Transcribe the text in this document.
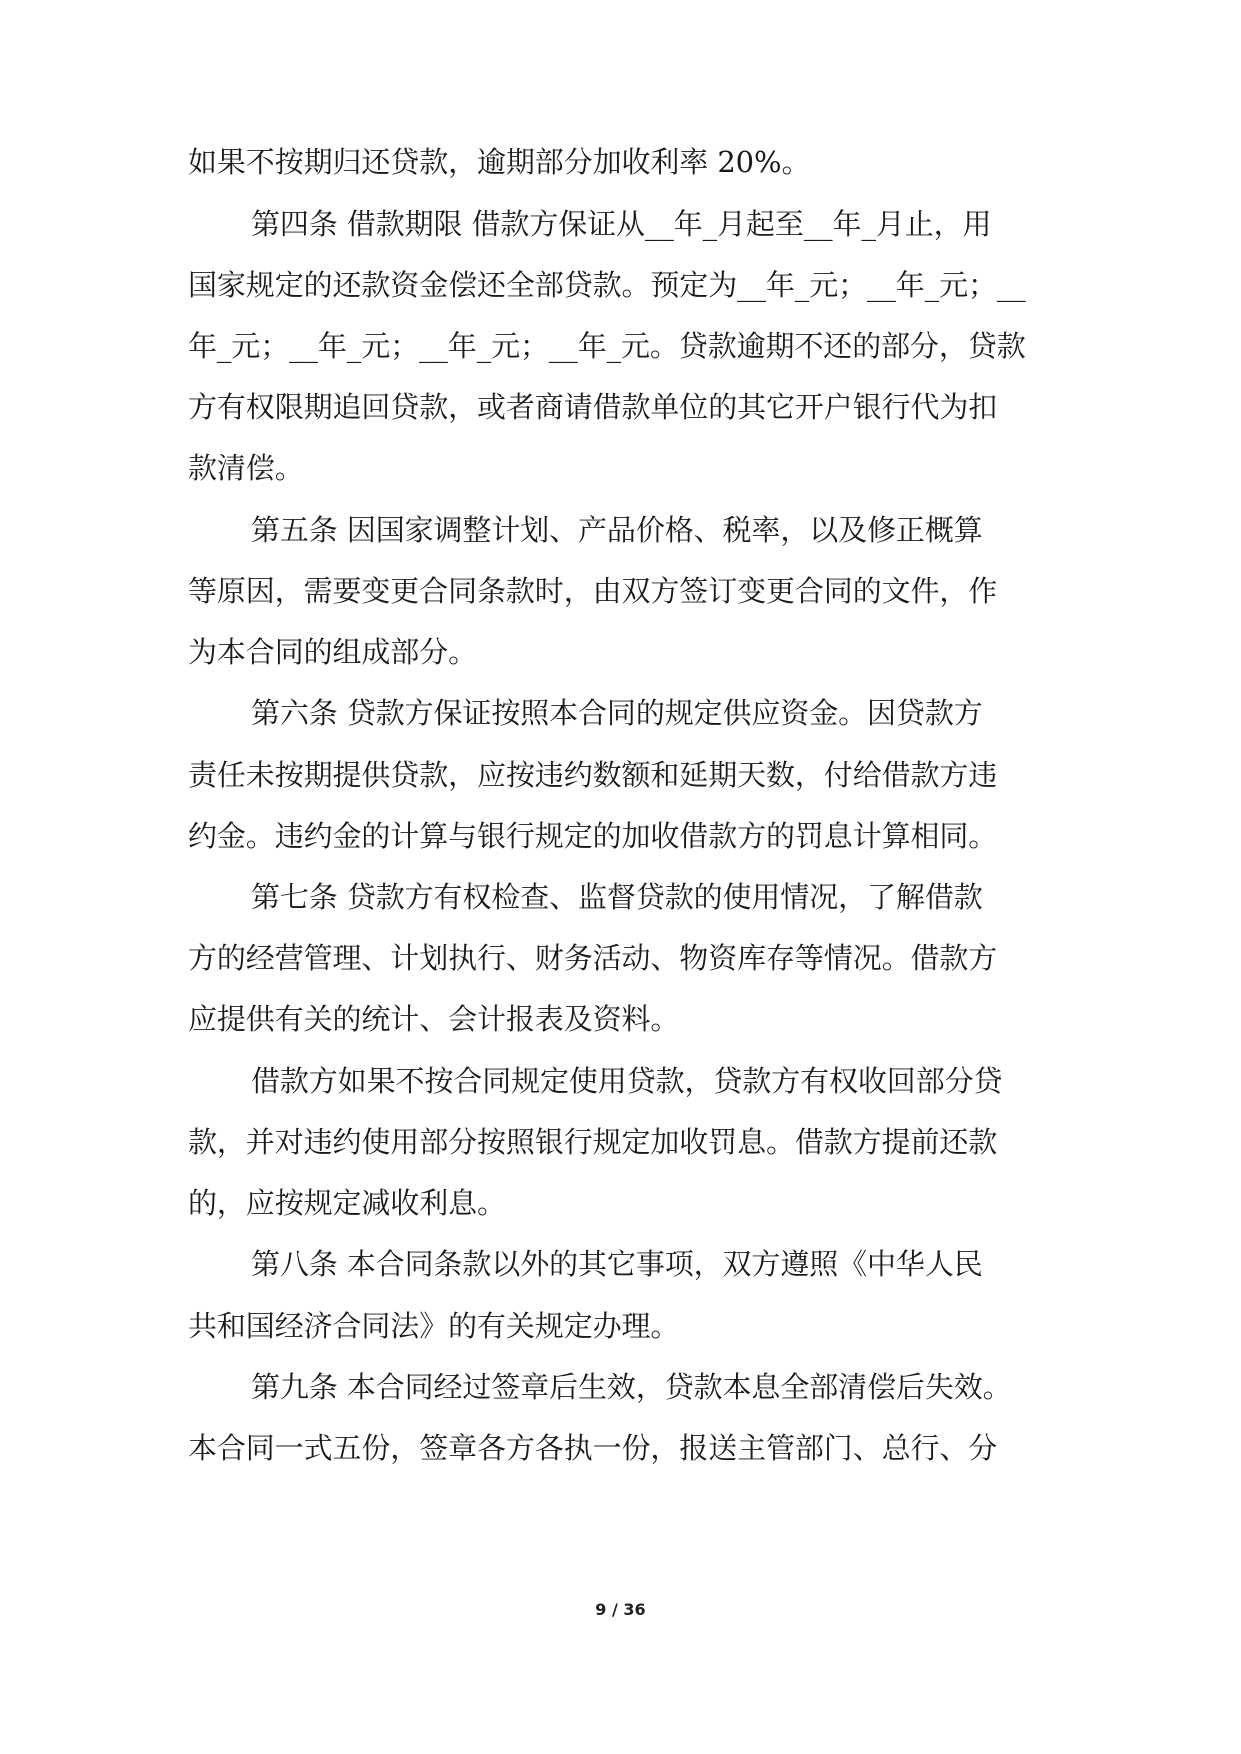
如果不按期归还贷款，逾期部分加收利率 20%。

第四条 借款期限 借款方保证从__年_月起至__年_月止，用

国家规定的还款资金偿还全部贷款。预定为__年_元；__年_元；__

年_元；__年_元；__年_元；__年_元。贷款逾期不还的部分，贷款

方有权限期追回贷款，或者商请借款单位的其它开户银行代为扣

款清偿。

第五条 因国家调整计划、产品价格、税率，以及修正概算

等原因，需要变更合同条款时，由双方签订变更合同的文件，作

为本合同的组成部分。

第六条 贷款方保证按照本合同的规定供应资金。因贷款方

责任未按期提供贷款，应按违约数额和延期天数，付给借款方违

约金。违约金的计算与银行规定的加收借款方的罚息计算相同。

第七条 贷款方有权检查、监督贷款的使用情况，了解借款

方的经营管理、计划执行、财务活动、物资库存等情况。借款方

应提供有关的统计、会计报表及资料。

借款方如果不按合同规定使用贷款，贷款方有权收回部分贷

款，并对违约使用部分按照银行规定加收罚息。借款方提前还款

的，应按规定减收利息。

第八条 本合同条款以外的其它事项，双方遵照《中华人民

共和国经济合同法》的有关规定办理。

第九条 本合同经过签章后生效，贷款本息全部清偿后失效。

本合同一式五份，签章各方各执一份，报送主管部门、总行、分

9 / 36
